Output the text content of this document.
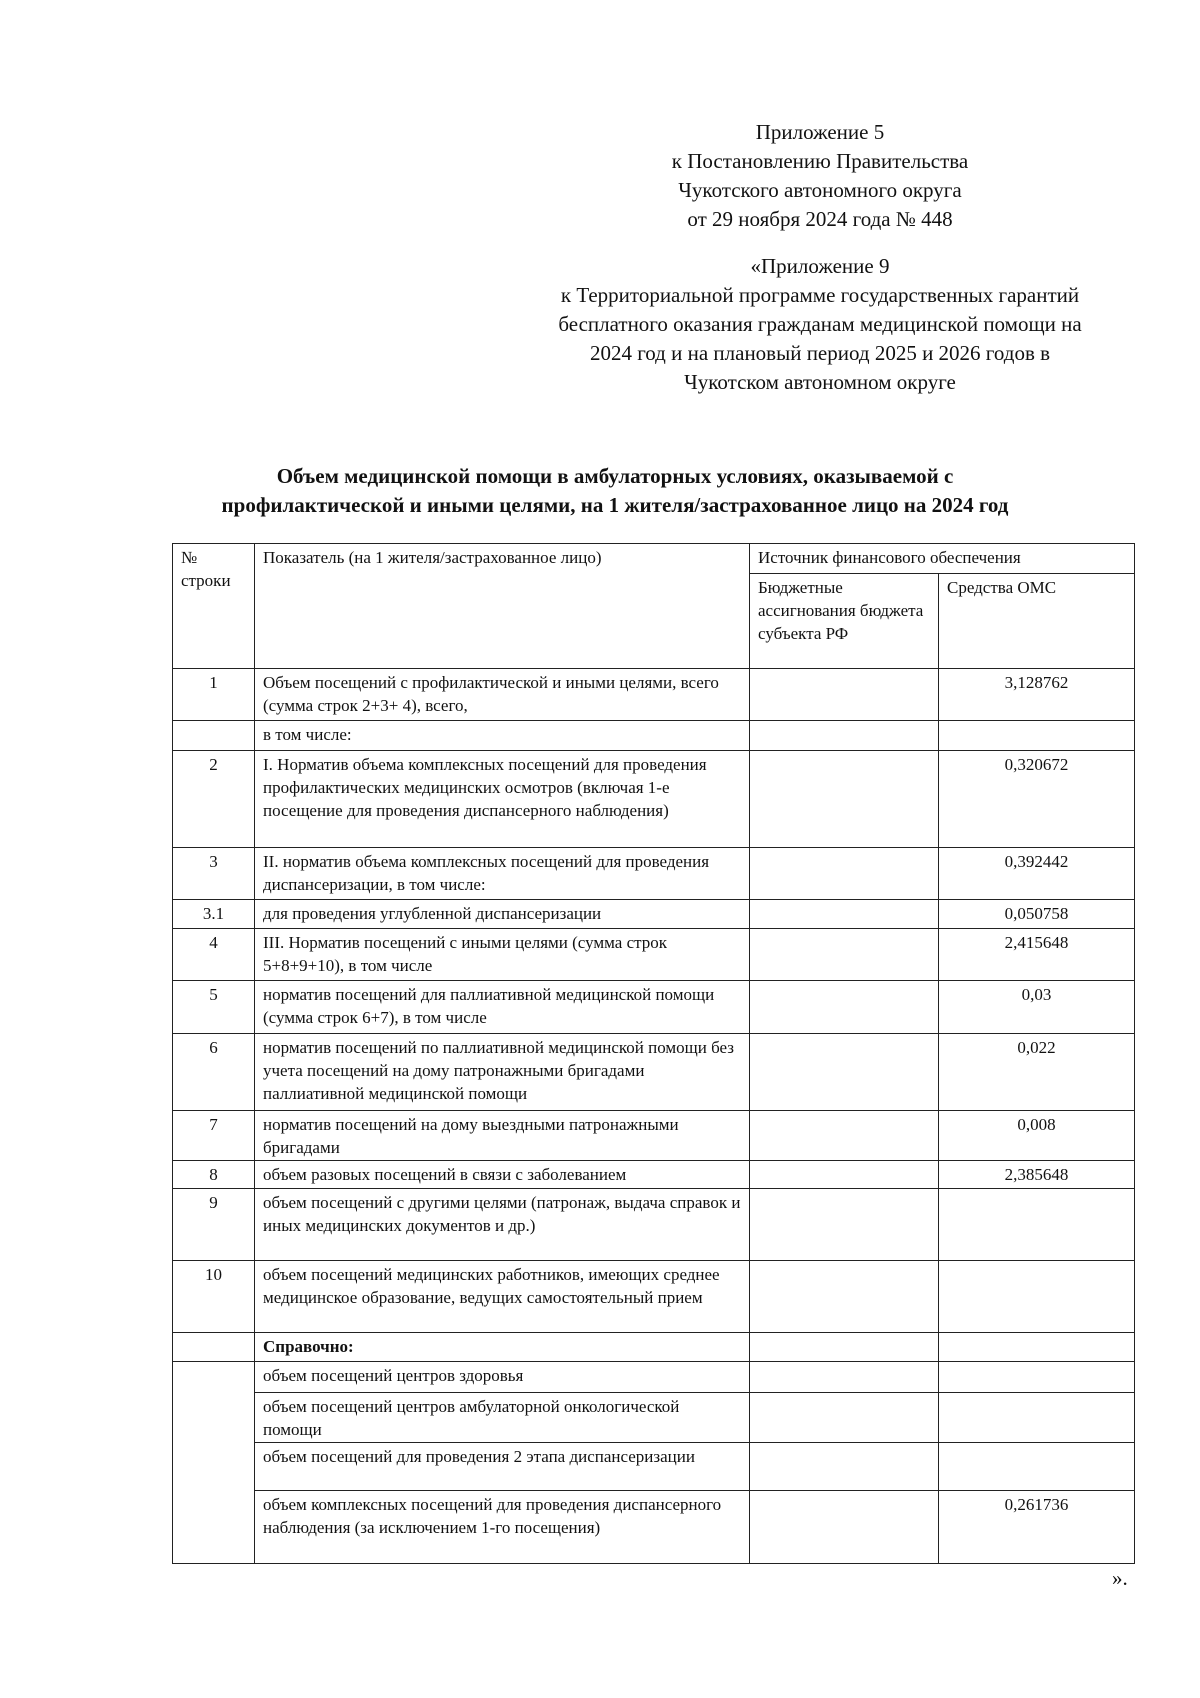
Приложение 5
к Постановлению Правительства
Чукотского автономного округа
от 29 ноября 2024 года № 448
«Приложение 9
к Территориальной программе государственных гарантий
бесплатного оказания гражданам медицинской помощи на
2024 год и на плановый период 2025 и 2026 годов в
Чукотском автономном округе
Объем медицинской помощи в амбулаторных условиях, оказываемой с
профилактической и иными целями, на 1 жителя/застрахованное лицо на 2024 год
№ строки	Показатель (на 1 жителя/застрахованное лицо)	Источник финансового обеспечения	
		Бюджетные ассигнования бюджета субъекта РФ	Средства ОМС
1	Объем посещений с профилактической и иными целями, всего (сумма строк 2+3+ 4), всего,		3,128762
	в том числе:		
2	I. Норматив объема комплексных посещений для проведения профилактических медицинских осмотров (включая 1-е посещение для проведения диспансерного наблюдения)		0,320672
3	II. норматив объема комплексных посещений для проведения диспансеризации, в том числе:		0,392442
3.1	для проведения углубленной диспансеризации		0,050758
4	III. Норматив посещений с иными целями (сумма строк 5+8+9+10), в том числе		2,415648
5	норматив посещений для паллиативной медицинской помощи (сумма строк 6+7), в том числе		0,03
6	норматив посещений по паллиативной медицинской помощи без учета посещений на дому патронажными бригадами паллиативной медицинской помощи		0,022
7	норматив посещений на дому выездными патронажными бригадами		0,008
8	объем разовых посещений в связи с заболеванием		2,385648
9	объем посещений с другими целями (патронаж, выдача справок и иных медицинских документов и др.)		
10	объем посещений медицинских работников, имеющих среднее медицинское образование, ведущих самостоятельный прием		
	Справочно:		
	объем посещений центров здоровья		
	объем посещений центров амбулаторной онкологической помощи		
	объем посещений для проведения 2 этапа диспансеризации		
	объем комплексных посещений для проведения диспансерного наблюдения (за исключением 1-го посещения)		0,261736
».
